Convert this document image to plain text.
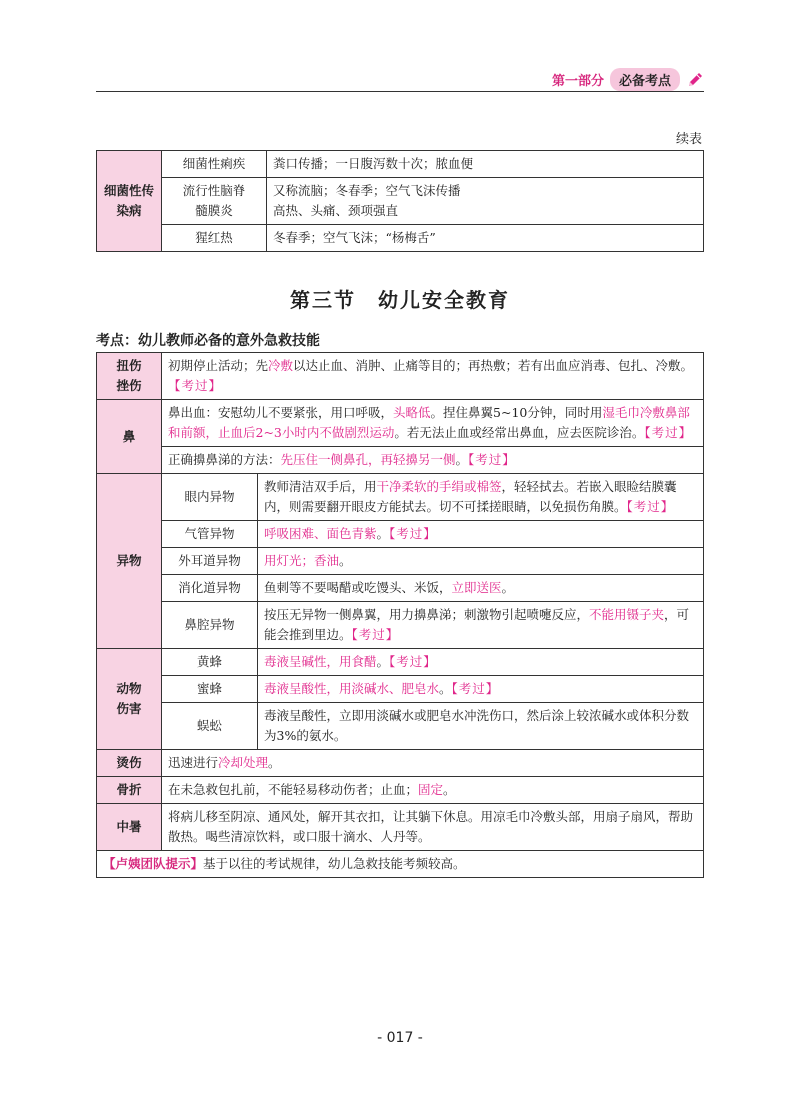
第一部分	必备考点
续表
细菌性传染病	细菌性痢疾	粪口传播；一日腹泻数十次；脓血便
	流行性脑脊髓膜炎	又称流脑；冬春季；空气飞沫传播
高热、头痛、颈项强直

	猩红热	冬春季；空气飞沫；“杨梅舌”
第三节　幼儿安全教育
考点：幼儿教师必备的意外急救技能
扭伤挫伤	初期停止活动；先冷敷以达止血、消肿、止痛等目的；再热敷；若有出血应消毒、包扎、冷敷。【考过】	
鼻	鼻出血：安慰幼儿不要紧张，用口呼吸，头略低。捏住鼻翼5~10分钟，同时用湿毛巾冷敷鼻部和前额，止血后2~3小时内不做剧烈运动。若无法止血或经常出鼻血，应去医院诊治。【考过】	
	正确擤鼻涕的方法：先压住一侧鼻孔，再轻擤另一侧。【考过】	
异物	眼内异物	教师清洁双手后，用干净柔软的手绢或棉签，轻轻拭去。若嵌入眼睑结膜囊内，则需要翻开眼皮方能拭去。切不可揉搓眼睛，以免损伤角膜。【考过】
	气管异物	呼吸困难、面色青紫。【考过】
	外耳道异物	用灯光；香油。
	消化道异物	鱼刺等不要喝醋或吃馒头、米饭，立即送医。
	鼻腔异物	按压无异物一侧鼻翼，用力擤鼻涕；刺激物引起喷嚏反应，不能用镊子夹，可能会推到里边。【考过】
动物伤害	黄蜂	毒液呈碱性，用食醋。【考过】
	蜜蜂	毒液呈酸性，用淡碱水、肥皂水。【考过】
	蜈蚣	毒液呈酸性，立即用淡碱水或肥皂水冲洗伤口，然后涂上较浓碱水或体积分数为3%的氨水。
烫伤	迅速进行冷却处理。	
骨折	在未急救包扎前，不能轻易移动伤者；止血；固定。	
中暑	将病儿移至阴凉、通风处，解开其衣扣，让其躺下休息。用凉毛巾冷敷头部，用扇子扇风，帮助散热。喝些清凉饮料，或口服十滴水、人丹等。	
【卢姨团队提示】基于以往的考试规律，幼儿急救技能考频较高。		
- 017 -
